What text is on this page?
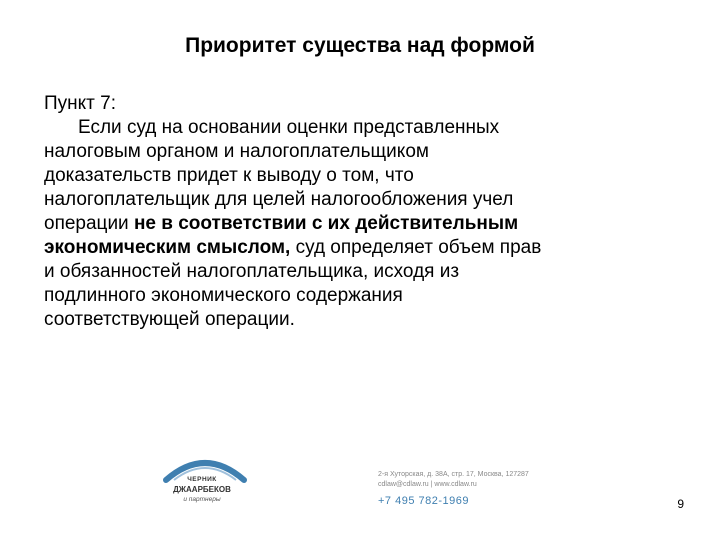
Приоритет существа над формой
Пункт 7:
Если суд на основании оценки представленных
налоговым органом и налогоплательщиком
доказательств придет к выводу о том, что
налогоплательщик для целей налогообложения учел
операции не в соответствии с их действительным
экономическим смыслом, суд определяет объем прав
и обязанностей налогоплательщика, исходя из
подлинного экономического содержания
соответствующей операции.
ЧЕРНИК
ДЖААРБЕКОВ
и партнеры
2-я Хуторская, д. 38А, стр. 17, Москва, 127287
cdlaw@cdlaw.ru | www.cdlaw.ru
+7 495 782-1969	9
